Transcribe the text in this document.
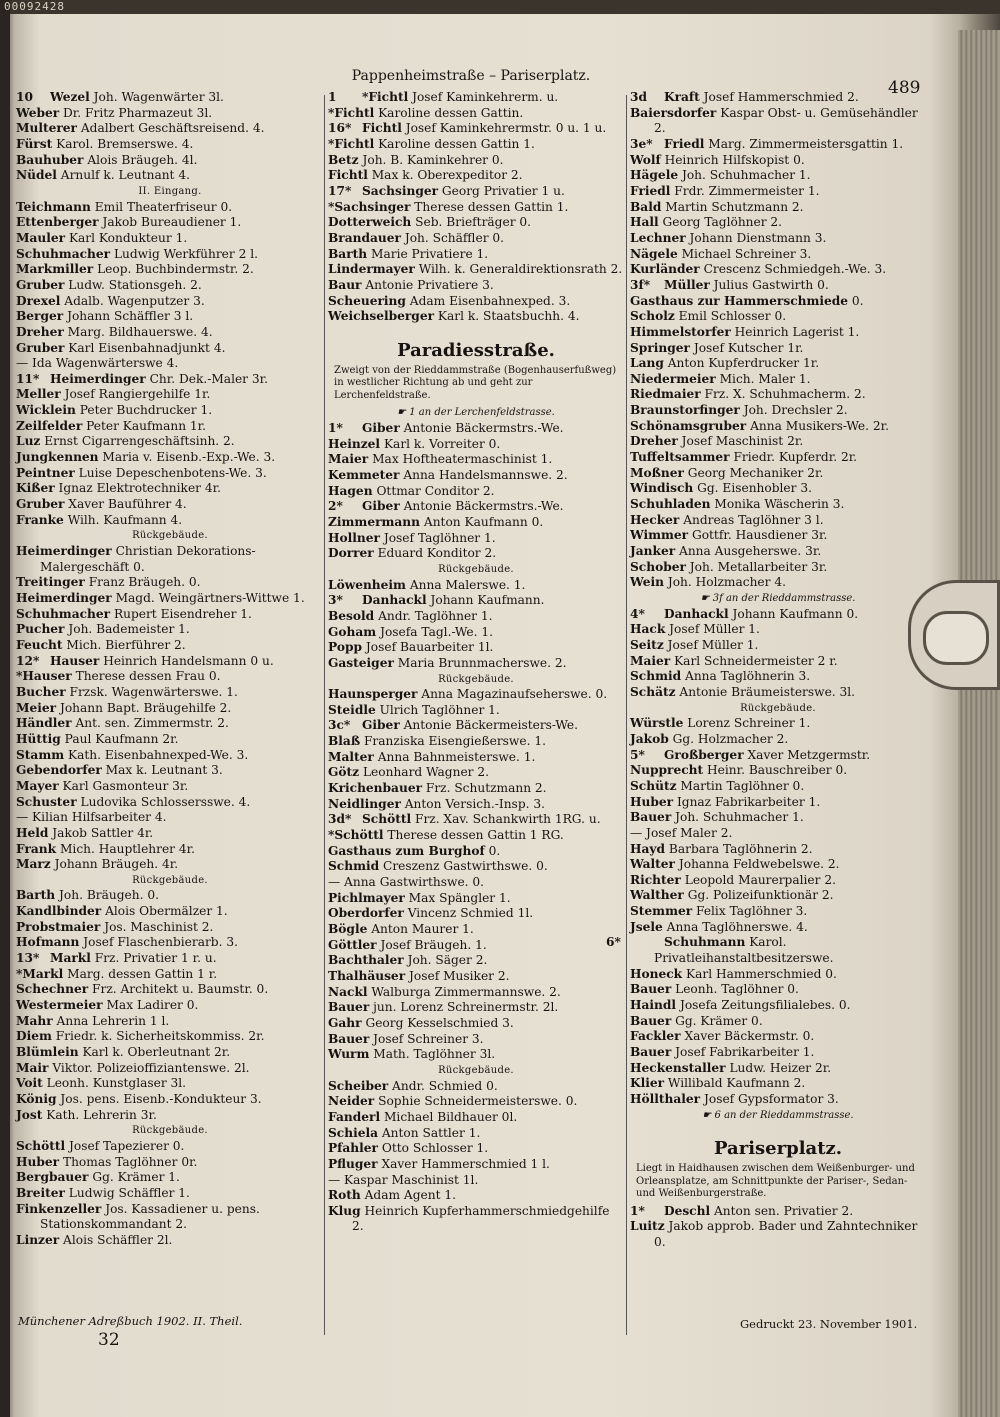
00092428
Pappenheimstraße – Pariserplatz.
489
10 Wezel Joh. Wagenwärter 3l.
Weber Dr. Fritz Pharmazeut 3l.
Multerer Adalbert Geschäftsreisend. 4.
Fürst Karol. Bremserswe. 4.
Bauhuber Alois Bräugeh. 4l.
Nüdel Arnulf k. Leutnant 4.
II. Eingang.
Teichmann Emil Theaterfriseur 0.
Ettenberger Jakob Bureaudiener 1.
Mauler Karl Kondukteur 1.
Schuhmacher Ludwig Werkführer 2 l.
Markmiller Leop. Buchbindermstr. 2.
Gruber Ludw. Stationsgeh. 2.
Drexel Adalb. Wagenputzer 3.
Berger Johann Schäffler 3 l.
Dreher Marg. Bildhauerswe. 4.
Gruber Karl Eisenbahnadjunkt 4.
— Ida Wagenwärterswe 4.
11* Heimerdinger Chr. Dek.-Maler 3r.
Meller Josef Rangiergehilfe 1r.
Wicklein Peter Buchdrucker 1.
Zeilfelder Peter Kaufmann 1r.
Luz Ernst Cigarrengeschäftsinh. 2.
Jungkennen Maria v. Eisenb.-Exp.-We. 3.
Peintner Luise Depeschenbotens-We. 3.
Kißer Ignaz Elektrotechniker 4r.
Gruber Xaver Bauführer 4.
Franke Wilh. Kaufmann 4.
Rückgebäude.
Heimerdinger Christian Dekorations-Malergeschäft 0.
Treitinger Franz Bräugeh. 0.
Heimerdinger Magd. Weingärtners-Wittwe 1.
Schuhmacher Rupert Eisendreher 1.
Pucher Joh. Bademeister 1.
Feucht Mich. Bierführer 2.
12* Hauser Heinrich Handelsmann 0 u.
*Hauser Therese dessen Frau 0.
Bucher Frzsk. Wagenwärterswe. 1.
Meier Johann Bapt. Bräugehilfe 2.
Händler Ant. sen. Zimmermstr. 2.
Hüttig Paul Kaufmann 2r.
Stamm Kath. Eisenbahnexped-We. 3.
Gebendorfer Max k. Leutnant 3.
Mayer Karl Gasmonteur 3r.
Schuster Ludovika Schlossersswe. 4.
— Kilian Hilfsarbeiter 4.
Held Jakob Sattler 4r.
Frank Mich. Hauptlehrer 4r.
Marz Johann Bräugeh. 4r.
Rückgebäude.
Barth Joh. Bräugeh. 0.
Kandlbinder Alois Obermälzer 1.
Probstmaier Jos. Maschinist 2.
Hofmann Josef Flaschenbierarb. 3.
13* Markl Frz. Privatier 1 r. u.
*Markl Marg. dessen Gattin 1 r.
Schechner Frz. Architekt u. Baumstr. 0.
Westermeier Max Ladirer 0.
Mahr Anna Lehrerin 1 l.
Diem Friedr. k. Sicherheitskommiss. 2r.
Blümlein Karl k. Oberleutnant 2r.
Mair Viktor. Polizeioffiziantenswe. 2l.
Voit Leonh. Kunstglaser 3l.
König Jos. pens. Eisenb.-Kondukteur 3.
Jost Kath. Lehrerin 3r.
Rückgebäude.
Schöttl Josef Tapezierer 0.
Huber Thomas Taglöhner 0r.
Bergbauer Gg. Krämer 1.
Breiter Ludwig Schäffler 1.
Finkenzeller Jos. Kassadiener u. pens. Stationskommandant 2.
Linzer Alois Schäffler 2l.
1 *Fichtl Josef Kaminkehrerm. u.
*Fichtl Karoline dessen Gattin.
16* Fichtl Josef Kaminkehrermstr. 0 u. 1 u.
*Fichtl Karoline dessen Gattin 1.
Betz Joh. B. Kaminkehrer 0.
Fichtl Max k. Oberexpeditor 2.
17* Sachsinger Georg Privatier 1 u.
*Sachsinger Therese dessen Gattin 1.
Dotterweich Seb. Briefträger 0.
Brandauer Joh. Schäffler 0.
Barth Marie Privatiere 1.
Lindermayer Wilh. k. Generaldirektionsrath 2.
Baur Antonie Privatiere 3.
Scheuering Adam Eisenbahnexped. 3.
Weichselberger Karl k. Staatsbuchh. 4.
Paradiesstraße.
Zweigt von der Rieddammstraße (Bogenhauserfußweg) in westlicher Richtung ab und geht zur Lerchenfeldstraße.
☛ 1 an der Lerchenfeldstrasse.
1* Giber Antonie Bäckermstrs.-We.
Heinzel Karl k. Vorreiter 0.
Maier Max Hoftheatermaschinist 1.
Kemmeter Anna Handelsmannswe. 2.
Hagen Ottmar Conditor 2.
2* Giber Antonie Bäckermstrs.-We.
Zimmermann Anton Kaufmann 0.
Hollner Josef Taglöhner 1.
Dorrer Eduard Konditor 2.
Rückgebäude.
Löwenheim Anna Malerswe. 1.
3* Danhackl Johann Kaufmann.
Besold Andr. Taglöhner 1.
Goham Josefa Tagl.-We. 1.
Popp Josef Bauarbeiter 1l.
Gasteiger Maria Brunnmacherswe. 2.
Rückgebäude.
Haunsperger Anna Magazinaufseherswe. 0.
Steidle Ulrich Taglöhner 1.
3c* Giber Antonie Bäckermeisters-We.
Blaß Franziska Eisengießerswe. 1.
Malter Anna Bahnmeisterswe. 1.
Götz Leonhard Wagner 2.
Krichenbauer Frz. Schutzmann 2.
Neidlinger Anton Versich.-Insp. 3.
3d* Schöttl Frz. Xav. Schankwirth 1RG. u.
*Schöttl Therese dessen Gattin 1 RG.
Gasthaus zum Burghof 0.
Schmid Creszenz Gastwirthswe. 0.
— Anna Gastwirthswe. 0.
Pichlmayer Max Spängler 1.
Oberdorfer Vincenz Schmied 1l.
Bögle Anton Maurer 1.
Göttler Josef Bräugeh. 1.
Bachthaler Joh. Säger 2.
Thalhäuser Josef Musiker 2.
Nackl Walburga Zimmermannswe. 2.
Bauer jun. Lorenz Schreinermstr. 2l.
Gahr Georg Kesselschmied 3.
Bauer Josef Schreiner 3.
Wurm Math. Taglöhner 3l.
Rückgebäude.
Scheiber Andr. Schmied 0.
Neider Sophie Schneidermeisterswe. 0.
Fanderl Michael Bildhauer 0l.
Schiela Anton Sattler 1.
Pfahler Otto Schlosser 1.
Pfluger Xaver Hammerschmied 1 l.
— Kaspar Maschinist 1l.
Roth Adam Agent 1.
Klug Heinrich Kupferhammerschmiedgehilfe 2.
3d Kraft Josef Hammerschmied 2.
Baiersdorfer Kaspar Obst- u. Gemüsehändler 2.
3e* Friedl Marg. Zimmermeistersgattin 1.
Wolf Heinrich Hilfskopist 0.
Hägele Joh. Schuhmacher 1.
Friedl Frdr. Zimmermeister 1.
Bald Martin Schutzmann 2.
Hall Georg Taglöhner 2.
Lechner Johann Dienstmann 3.
Nägele Michael Schreiner 3.
Kurländer Crescenz Schmiedgeh.-We. 3.
3f* Müller Julius Gastwirth 0.
Gasthaus zur Hammerschmiede 0.
Scholz Emil Schlosser 0.
Himmelstorfer Heinrich Lagerist 1.
Springer Josef Kutscher 1r.
Lang Anton Kupferdrucker 1r.
Niedermeier Mich. Maler 1.
Riedmaier Frz. X. Schuhmacherm. 2.
Braunstorfinger Joh. Drechsler 2.
Schönamsgruber Anna Musikers-We. 2r.
Dreher Josef Maschinist 2r.
Tuffeltsammer Friedr. Kupferdr. 2r.
Moßner Georg Mechaniker 2r.
Windisch Gg. Eisenhobler 3.
Schuhladen Monika Wäscherin 3.
Hecker Andreas Taglöhner 3 l.
Wimmer Gottfr. Hausdiener 3r.
Janker Anna Ausgeherswe. 3r.
Schober Joh. Metallarbeiter 3r.
Wein Joh. Holzmacher 4.
☛ 3f an der Rieddammstrasse.
4* Danhackl Johann Kaufmann 0.
Hack Josef Müller 1.
Seitz Josef Müller 1.
Maier Karl Schneidermeister 2 r.
Schmid Anna Taglöhnerin 3.
Schätz Antonie Bräumeisterswe. 3l.
Rückgebäude.
Würstle Lorenz Schreiner 1.
Jakob Gg. Holzmacher 2.
5* Großberger Xaver Metzgermstr.
Nupprecht Heinr. Bauschreiber 0.
Schütz Martin Taglöhner 0.
Huber Ignaz Fabrikarbeiter 1.
Bauer Joh. Schuhmacher 1.
— Josef Maler 2.
Hayd Barbara Taglöhnerin 2.
Walter Johanna Feldwebelswe. 2.
Richter Leopold Maurerpalier 2.
Walther Gg. Polizeifunktionär 2.
Stemmer Felix Taglöhner 3.
Jsele Anna Taglöhnerswe. 4.
6*	Schuhmann Karol. Privatleihanstaltbesitzerswe.
Honeck Karl Hammerschmied 0.
Bauer Leonh. Taglöhner 0.
Haindl Josefa Zeitungsfilialebes. 0.
Bauer Gg. Krämer 0.
Fackler Xaver Bäckermstr. 0.
Bauer Josef Fabrikarbeiter 1.
Heckenstaller Ludw. Heizer 2r.
Klier Willibald Kaufmann 2.
Höllthaler Josef Gypsformator 3.
☛ 6 an der Rieddammstrasse.
Pariserplatz.
Liegt in Haidhausen zwischen dem Weißenburger- und Orleansplatze, am Schnittpunkte der Pariser-, Sedan- und Weißenburgerstraße.
1* Deschl Anton sen. Privatier 2.
Luitz Jakob approb. Bader und Zahntechniker 0.
Münchener Adreßbuch 1902. II. Theil.
32
Gedruckt 23. November 1901.
